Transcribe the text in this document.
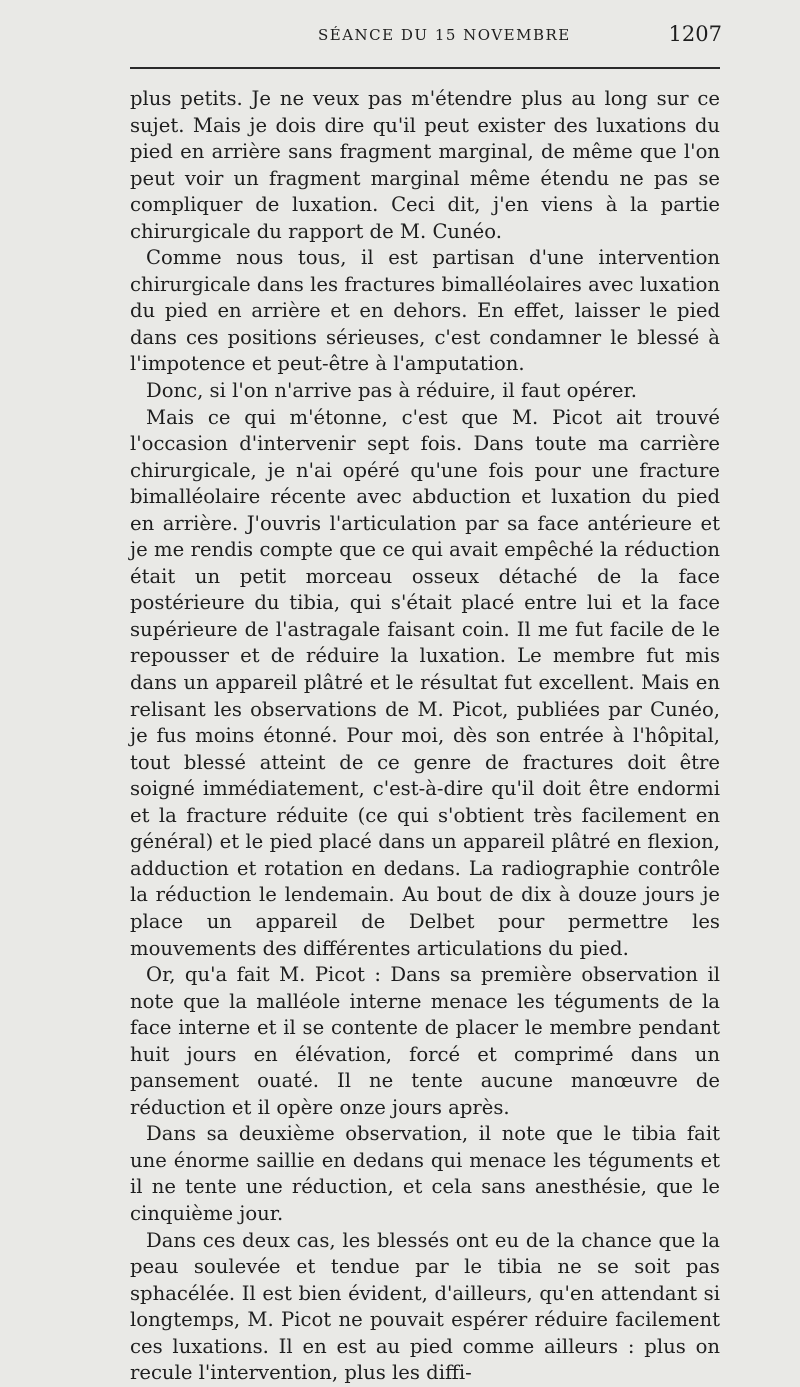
SÉANCE DU 15 NOVEMBRE	1207

plus petits. Je ne veux pas m'étendre plus au long sur ce sujet. Mais je dois dire qu'il peut exister des luxations du pied en arrière sans fragment marginal, de même que l'on peut voir un fragment marginal même étendu ne pas se compliquer de luxation. Ceci dit, j'en viens à la partie chirurgicale du rapport de M. Cunéo.

Comme nous tous, il est partisan d'une intervention chirurgicale dans les fractures bimalléolaires avec luxation du pied en arrière et en dehors. En effet, laisser le pied dans ces positions sérieuses, c'est condamner le blessé à l'impotence et peut-être à l'amputation.

Donc, si l'on n'arrive pas à réduire, il faut opérer.

Mais ce qui m'étonne, c'est que M. Picot ait trouvé l'occasion d'intervenir sept fois. Dans toute ma carrière chirurgicale, je n'ai opéré qu'une fois pour une fracture bimalléolaire récente avec abduction et luxation du pied en arrière. J'ouvris l'articulation par sa face antérieure et je me rendis compte que ce qui avait empêché la réduction était un petit morceau osseux détaché de la face postérieure du tibia, qui s'était placé entre lui et la face supérieure de l'astragale faisant coin. Il me fut facile de le repousser et de réduire la luxation. Le membre fut mis dans un appareil plâtré et le résultat fut excellent. Mais en relisant les observations de M. Picot, publiées par Cunéo, je fus moins étonné. Pour moi, dès son entrée à l'hôpital, tout blessé atteint de ce genre de fractures doit être soigné immédiatement, c'est-à-dire qu'il doit être endormi et la fracture réduite (ce qui s'obtient très facilement en général) et le pied placé dans un appareil plâtré en flexion, adduction et rotation en dedans. La radiographie contrôle la réduction le lendemain. Au bout de dix à douze jours je place un appareil de Delbet pour permettre les mouvements des différentes articulations du pied.

Or, qu'a fait M. Picot : Dans sa première observation il note que la malléole interne menace les téguments de la face interne et il se contente de placer le membre pendant huit jours en élévation, forcé et comprimé dans un pansement ouaté. Il ne tente aucune manœuvre de réduction et il opère onze jours après.

Dans sa deuxième observation, il note que le tibia fait une énorme saillie en dedans qui menace les téguments et il ne tente une réduction, et cela sans anesthésie, que le cinquième jour.

Dans ces deux cas, les blessés ont eu de la chance que la peau soulevée et tendue par le tibia ne se soit pas sphacélée. Il est bien évident, d'ailleurs, qu'en attendant si longtemps, M. Picot ne pouvait espérer réduire facilement ces luxations. Il en est au pied comme ailleurs : plus on recule l'intervention, plus les diffi-
